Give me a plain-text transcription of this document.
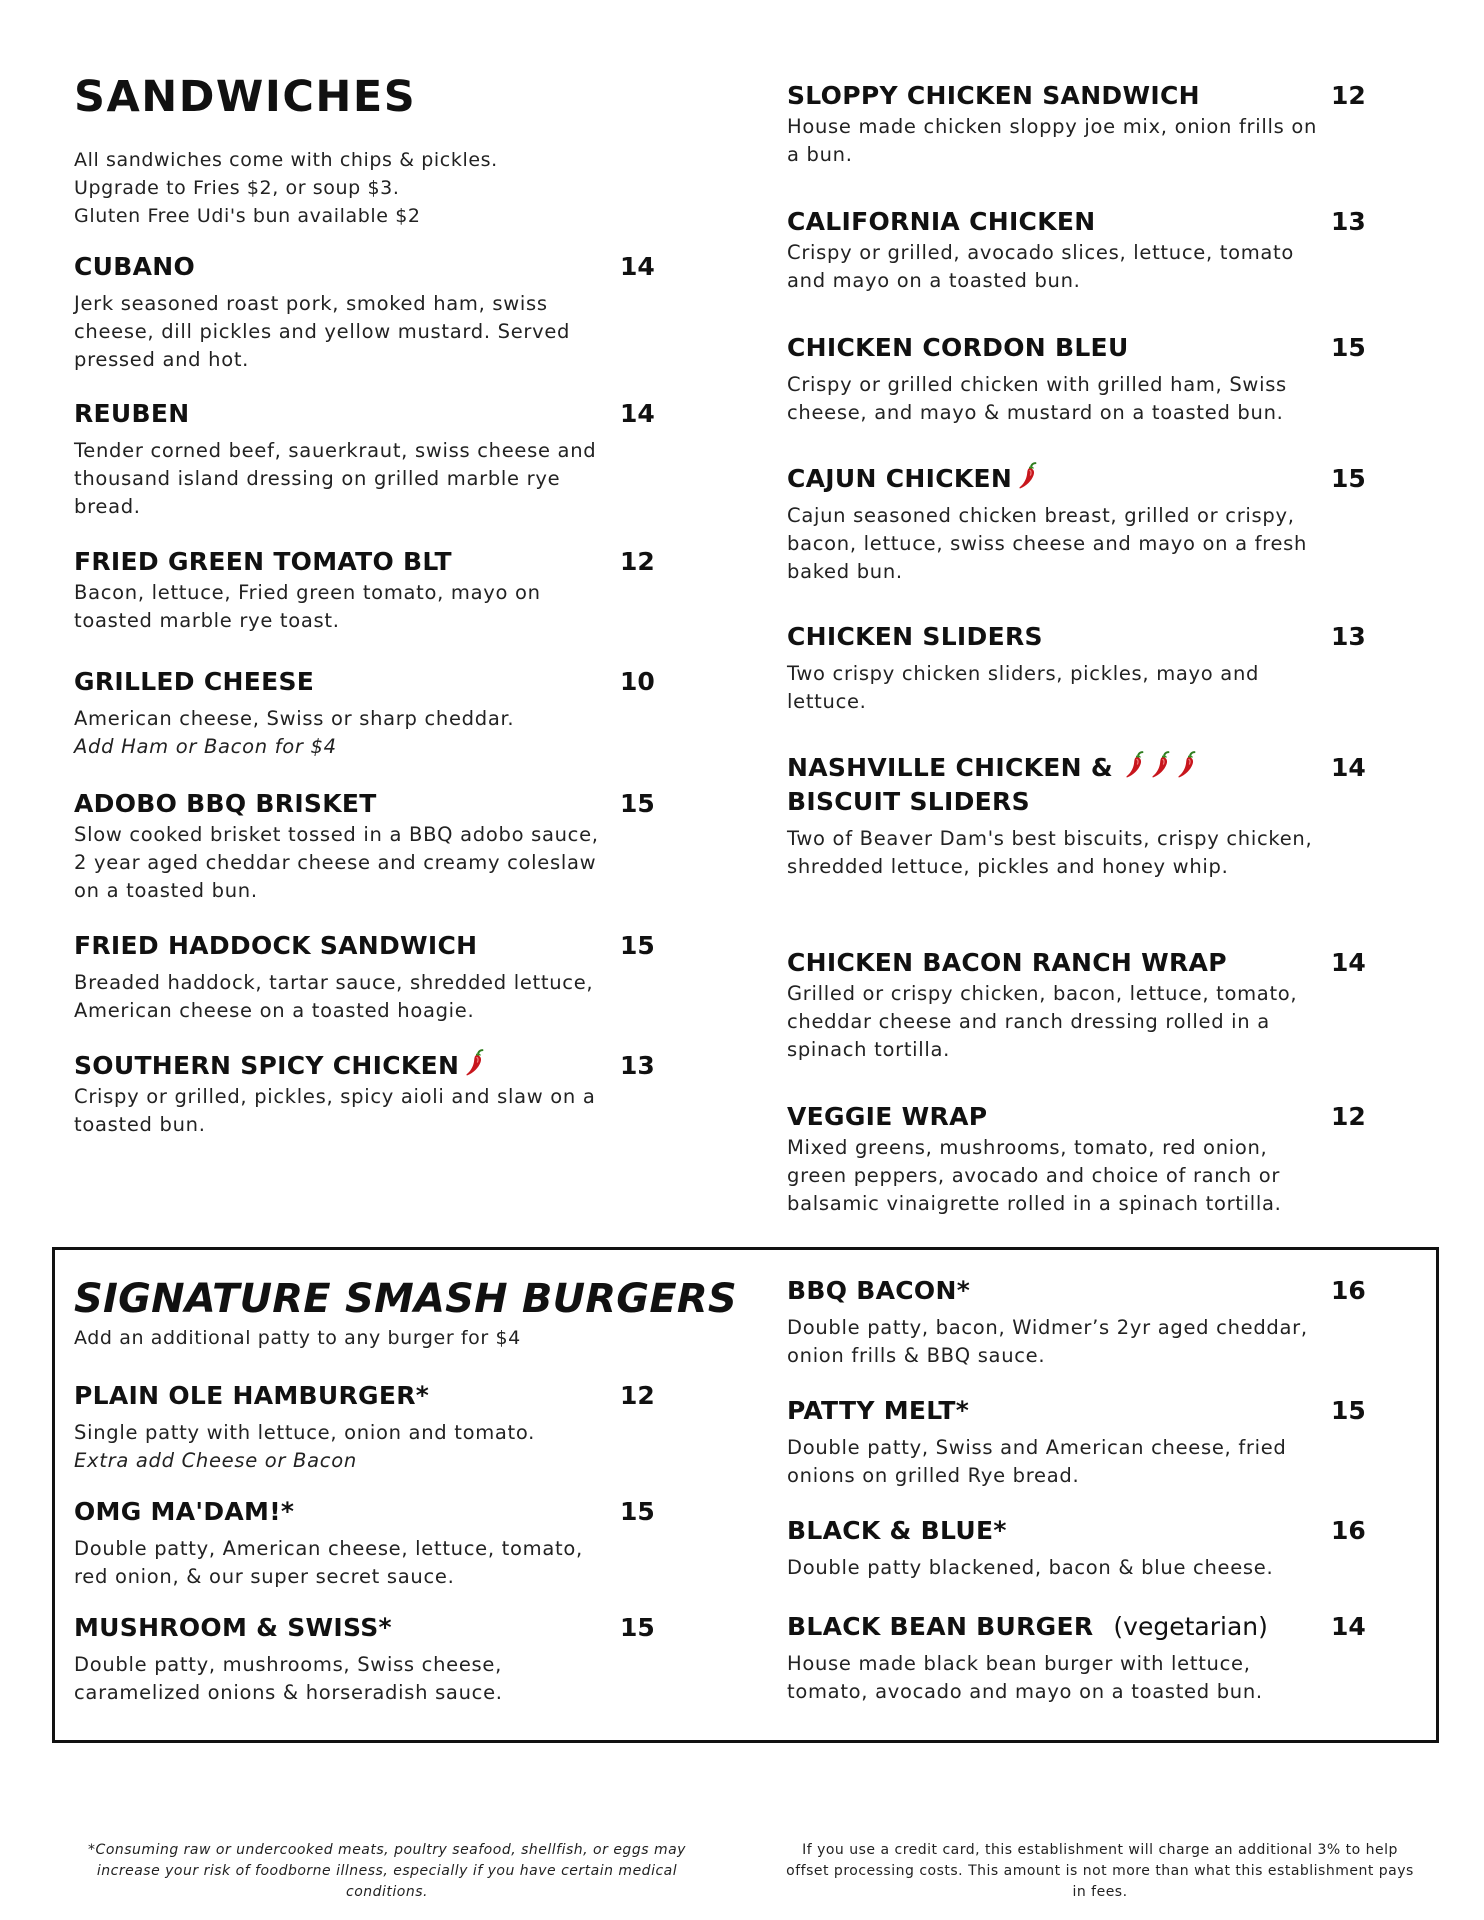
SANDWICHES
All sandwiches come with chips & pickles.
Upgrade to Fries $2, or soup $3.
Gluten Free Udi's bun available $2
CUBANO	14
Jerk seasoned roast pork, smoked ham, swiss cheese, dill pickles and yellow mustard. Served pressed and hot.
REUBEN	14
Tender corned beef, sauerkraut, swiss cheese and thousand island dressing on grilled marble rye bread.
FRIED GREEN TOMATO BLT	12
Bacon, lettuce, Fried green tomato, mayo on toasted marble rye toast.
GRILLED CHEESE	10
American cheese, Swiss or sharp cheddar.
Add Ham or Bacon for $4
ADOBO BBQ BRISKET	15
Slow cooked brisket tossed in a BBQ adobo sauce, 2 year aged cheddar cheese and creamy coleslaw on a toasted bun.
FRIED HADDOCK SANDWICH	15
Breaded haddock, tartar sauce, shredded lettuce, American cheese on a toasted hoagie.
SOUTHERN SPICY CHICKEN	13
Crispy or grilled, pickles, spicy aioli and slaw on a toasted bun.
SLOPPY CHICKEN SANDWICH	12
House made chicken sloppy joe mix, onion frills on a bun.
CALIFORNIA CHICKEN	13
Crispy or grilled, avocado slices, lettuce, tomato and mayo on a toasted bun.
CHICKEN CORDON BLEU	15
Crispy or grilled chicken with grilled ham, Swiss cheese, and mayo & mustard on a toasted bun.
CAJUN CHICKEN	15
Cajun seasoned chicken breast, grilled or crispy, bacon, lettuce, swiss cheese and mayo on a fresh baked bun.
CHICKEN SLIDERS	13
Two crispy chicken sliders, pickles, mayo and lettuce.
NASHVILLE CHICKEN &	14
BISCUIT SLIDERS
Two of Beaver Dam's best biscuits, crispy chicken, shredded lettuce, pickles and honey whip.
CHICKEN BACON RANCH WRAP	14
Grilled or crispy chicken, bacon, lettuce, tomato, cheddar cheese and ranch dressing rolled in a spinach tortilla.
VEGGIE WRAP	12
Mixed greens, mushrooms, tomato, red onion, green peppers, avocado and choice of ranch or balsamic vinaigrette rolled in a spinach tortilla.
SIGNATURE SMASH BURGERS
Add an additional patty to any burger for $4
PLAIN OLE HAMBURGER*	12
Single patty with lettuce, onion and tomato.
Extra add Cheese or Bacon
OMG MA'DAM!*	15
Double patty, American cheese, lettuce, tomato, red onion, & our super secret sauce.
MUSHROOM & SWISS*	15
Double patty, mushrooms, Swiss cheese, caramelized onions & horseradish sauce.
BBQ BACON*	16
Double patty, bacon, Widmer’s 2yr aged cheddar, onion frills & BBQ sauce.
PATTY MELT*	15
Double patty, Swiss and American cheese, fried onions on grilled Rye bread.
BLACK & BLUE*	16
Double patty blackened, bacon & blue cheese.
BLACK BEAN BURGER (vegetarian)	14
House made black bean burger with lettuce, tomato, avocado and mayo on a toasted bun.
*Consuming raw or undercooked meats, poultry seafood, shellfish, or eggs may increase your risk of foodborne illness, especially if you have certain medical conditions.
If you use a credit card, this establishment will charge an additional 3% to help offset processing costs. This amount is not more than what this establishment pays in fees.
